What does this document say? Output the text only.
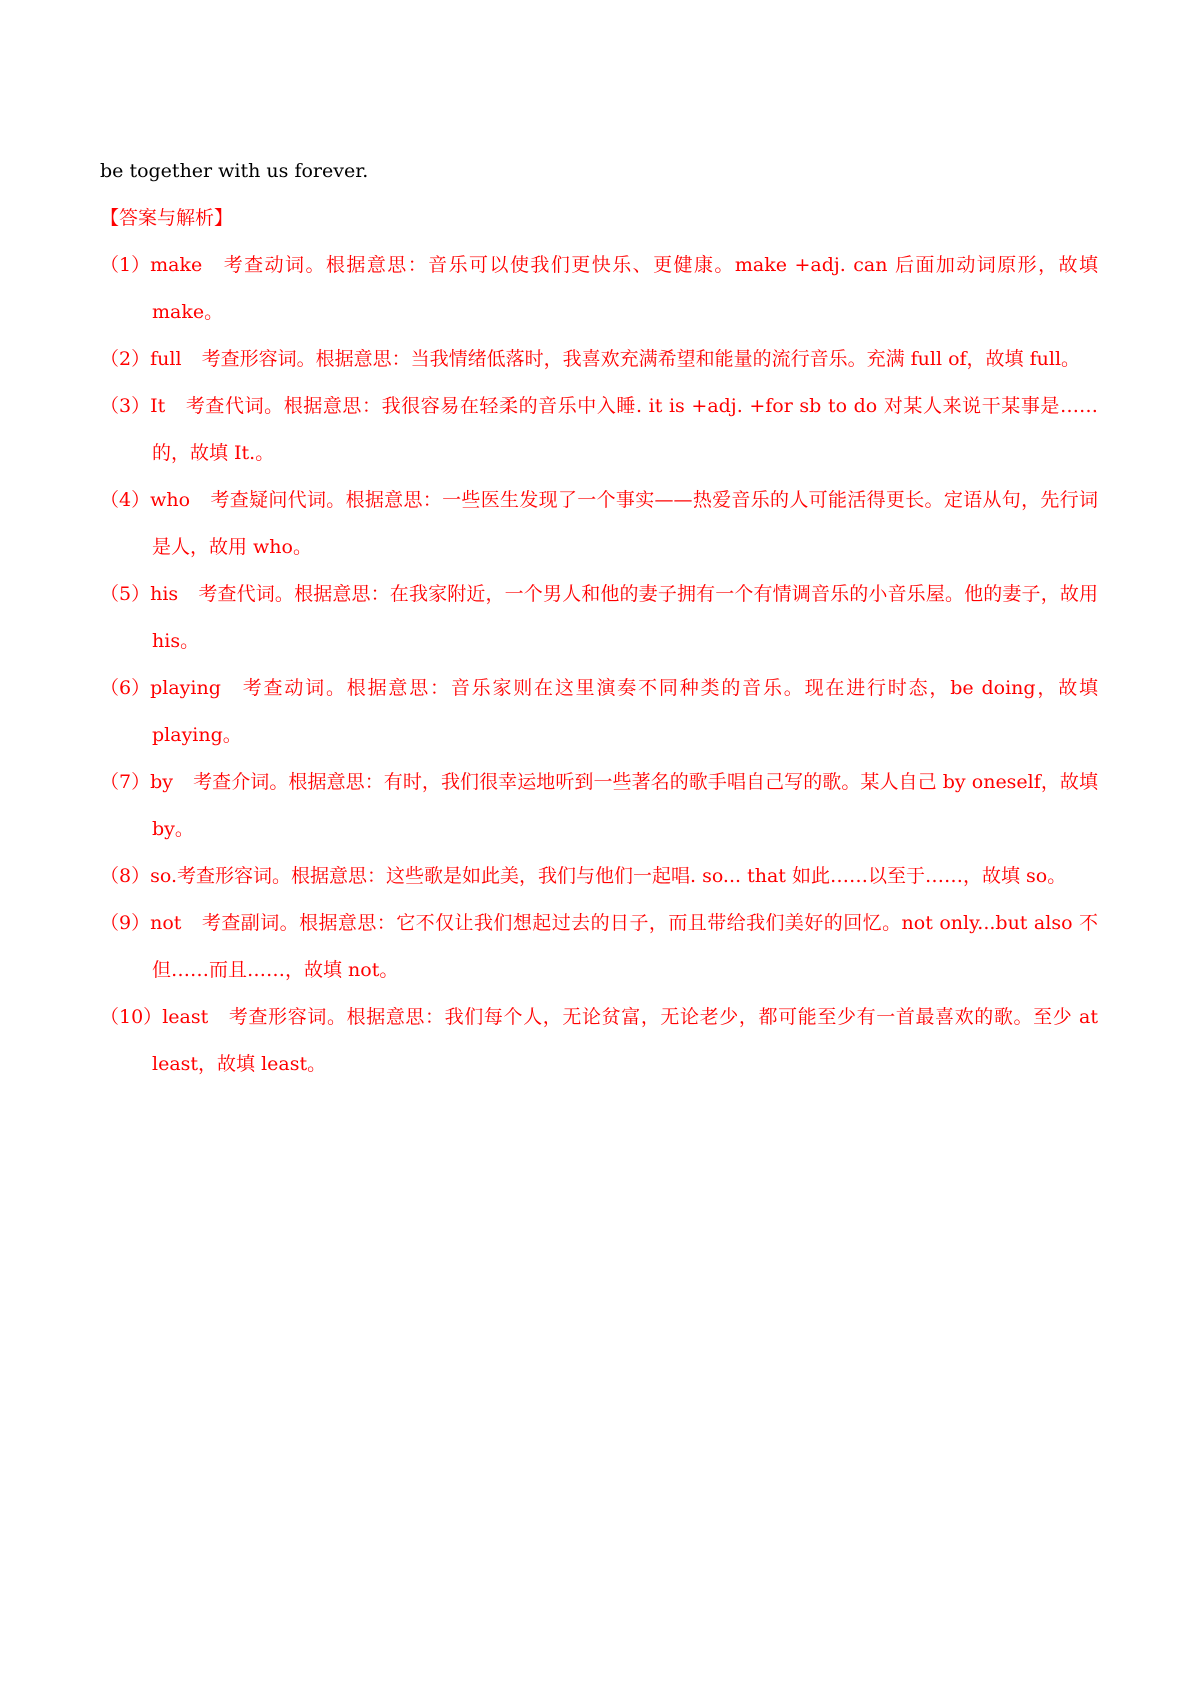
be together with us forever.
【答案与解析】
（1）make 考查动词。根据意思：音乐可以使我们更快乐、更健康。make +adj. can 后面加动词原形，故填 make。
（2）full 考查形容词。根据意思：当我情绪低落时，我喜欢充满希望和能量的流行音乐。充满 full of，故填 full。
（3）It 考查代词。根据意思：我很容易在轻柔的音乐中入睡. it is +adj. +for sb to do 对某人来说干某事是……的，故填 It.。
（4）who 考查疑问代词。根据意思：一些医生发现了一个事实——热爱音乐的人可能活得更长。定语从句，先行词是人，故用 who。
（5）his 考查代词。根据意思：在我家附近，一个男人和他的妻子拥有一个有情调音乐的小音乐屋。他的妻子，故用 his。
（6）playing 考查动词。根据意思：音乐家则在这里演奏不同种类的音乐。现在进行时态，be doing，故填 playing。
（7）by 考查介词。根据意思：有时，我们很幸运地听到一些著名的歌手唱自己写的歌。某人自己 by oneself，故填 by。
（8）so.考查形容词。根据意思：这些歌是如此美，我们与他们一起唱. so... that 如此……以至于……，故填 so。
（9）not 考查副词。根据意思：它不仅让我们想起过去的日子，而且带给我们美好的回忆。not only...but also 不但……而且……，故填 not。
（10）least 考查形容词。根据意思：我们每个人，无论贫富，无论老少，都可能至少有一首最喜欢的歌。至少 at least，故填 least。
